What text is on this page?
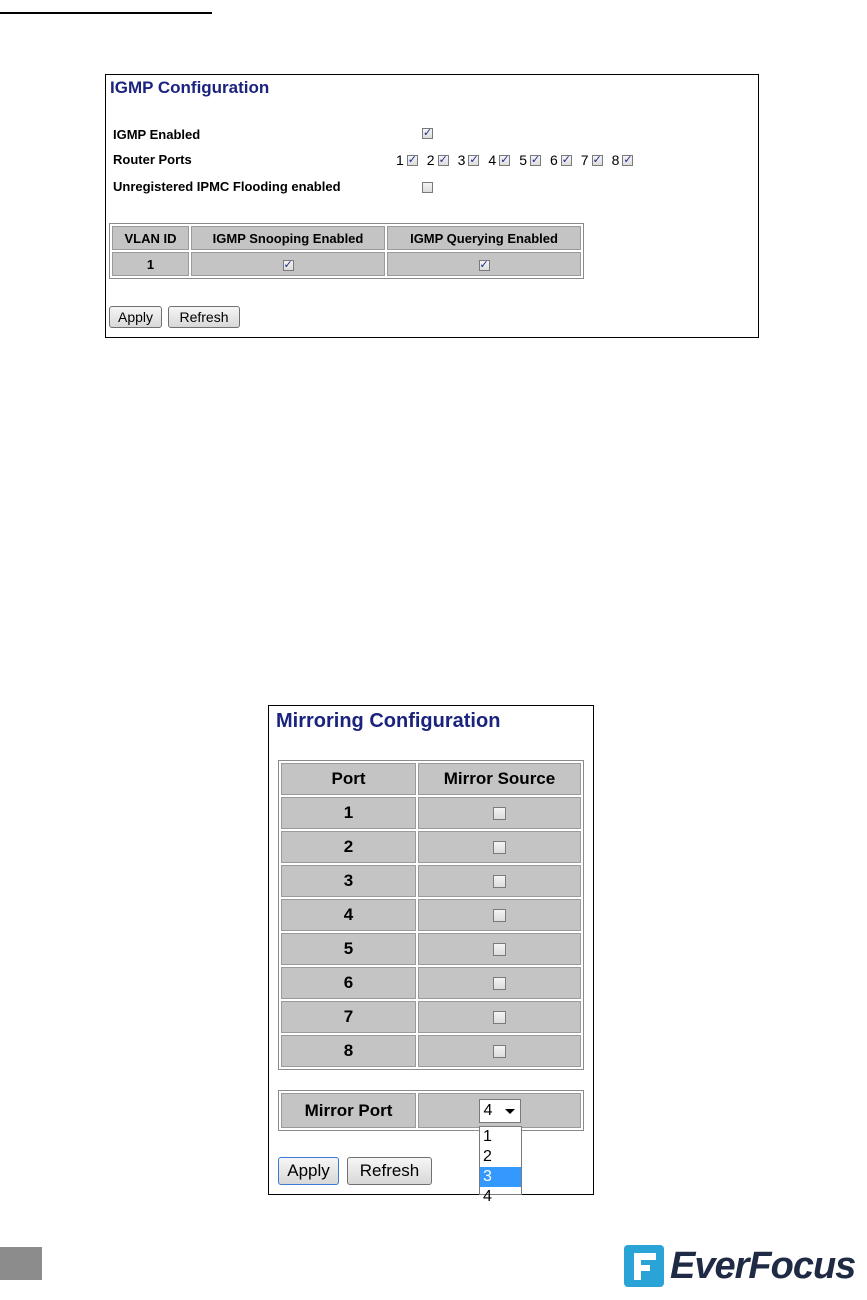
IGMP Configuration
IGMP Enabled
✓
Router Ports	1 ✓ 2 ✓ 3 ✓ 4 ✓ 5 ✓ 6 ✓ 7 ✓ 8✓
Unregistered IPMC Flooding enabled
VLAN ID	IGMP Snooping Enabled	IGMP Querying Enabled
1	✓	✓
Apply	Refresh
Mirroring Configuration
Port	Mirror Source
1	
2	
3	
4	
5	
6	
7	
8	
Mirror Port	4
1
2
3
4
Apply	Refresh
EverFocus
